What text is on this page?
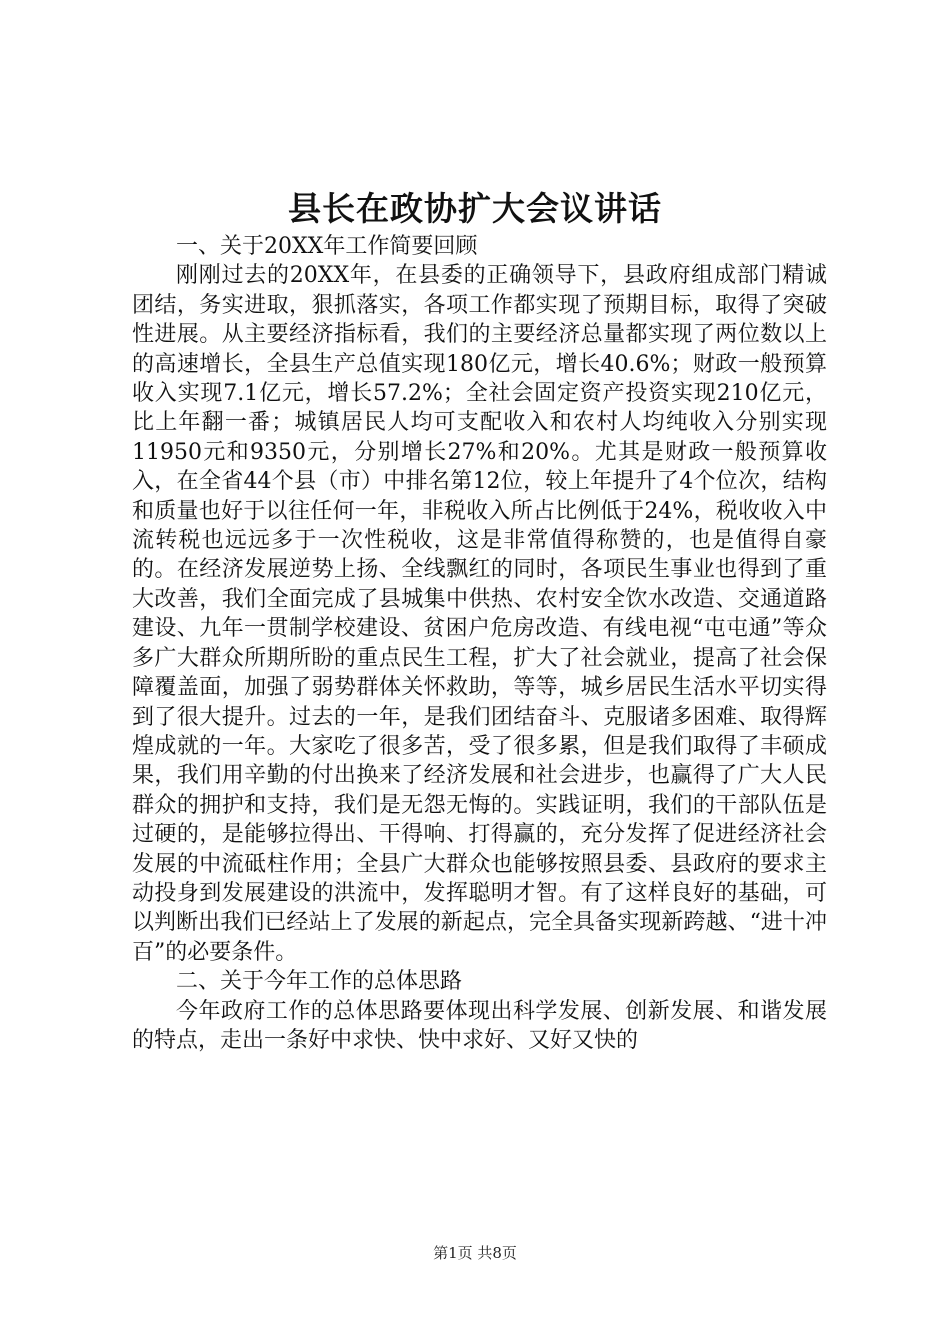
县长在政协扩大会议讲话

一、关于20XX年工作简要回顾

刚刚过去的20XX年，在县委的正确领导下，县政府组成部门精诚团结，务实进取，狠抓落实，各项工作都实现了预期目标，取得了突破性进展。从主要经济指标看，我们的主要经济总量都实现了两位数以上的高速增长，全县生产总值实现180亿元，增长40.6%；财政一般预算收入实现7.1亿元，增长57.2%；全社会固定资产投资实现210亿元，比上年翻一番；城镇居民人均可支配收入和农村人均纯收入分别实现11950元和9350元，分别增长27%和20%。尤其是财政一般预算收入，在全省44个县（市）中排名第12位，较上年提升了4个位次，结构和质量也好于以往任何一年，非税收入所占比例低于24%，税收收入中流转税也远远多于一次性税收，这是非常值得称赞的，也是值得自豪的。在经济发展逆势上扬、全线飘红的同时，各项民生事业也得到了重大改善，我们全面完成了县城集中供热、农村安全饮水改造、交通道路建设、九年一贯制学校建设、贫困户危房改造、有线电视“屯屯通”等众多广大群众所期所盼的重点民生工程，扩大了社会就业，提高了社会保障覆盖面，加强了弱势群体关怀救助，等等，城乡居民生活水平切实得到了很大提升。过去的一年，是我们团结奋斗、克服诸多困难、取得辉煌成就的一年。大家吃了很多苦，受了很多累，但是我们取得了丰硕成果，我们用辛勤的付出换来了经济发展和社会进步，也赢得了广大人民群众的拥护和支持，我们是无怨无悔的。实践证明，我们的干部队伍是过硬的，是能够拉得出、干得响、打得赢的，充分发挥了促进经济社会发展的中流砥柱作用；全县广大群众也能够按照县委、县政府的要求主动投身到发展建设的洪流中，发挥聪明才智。有了这样良好的基础，可以判断出我们已经站上了发展的新起点，完全具备实现新跨越、“进十冲百”的必要条件。

二、关于今年工作的总体思路

今年政府工作的总体思路要体现出科学发展、创新发展、和谐发展的特点，走出一条好中求快、快中求好、又好又快的

第1页 共8页
